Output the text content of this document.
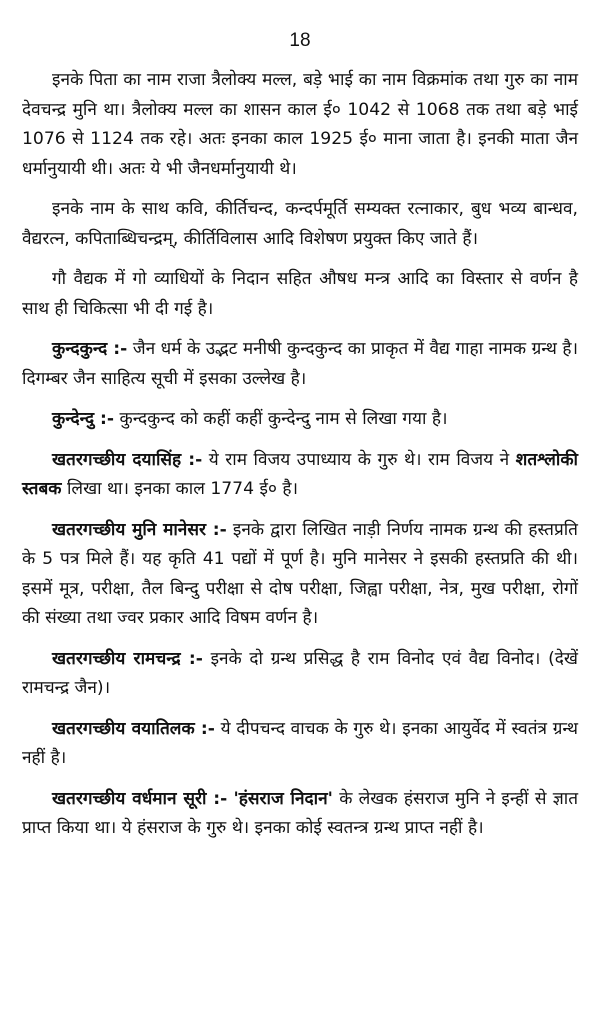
18

इनके पिता का नाम राजा त्रैलोक्य मल्ल, बड़े भाई का नाम विक्रमांक तथा गुरु का नाम देवचन्द्र मुनि था। त्रैलोक्य मल्ल का शासन काल ई० 1042 से 1068 तक तथा बड़े भाई 1076 से 1124 तक रहे। अतः इनका काल 1925 ई० माना जाता है। इनकी माता जैन धर्मानुयायी थी। अतः ये भी जैनधर्मानुयायी थे।

इनके नाम के साथ कवि, कीर्तिचन्द, कन्दर्पमूर्ति सम्यक्त रत्नाकार, बुध भव्य बान्धव, वैद्यरत्न, कपिताब्धिचन्द्रम्, कीर्तिविलास आदि विशेषण प्रयुक्त किए जाते हैं।

गौ वैद्यक में गो व्याधियों के निदान सहित औषध मन्त्र आदि का विस्तार से वर्णन है साथ ही चिकित्सा भी दी गई है।

कुन्दकुन्द :- जैन धर्म के उद्भट मनीषी कुन्दकुन्द का प्राकृत में वैद्य गाहा नामक ग्रन्थ है। दिगम्बर जैन साहित्य सूची में इसका उल्लेख है।

कुन्देन्दु :- कुन्दकुन्द को कहीं कहीं कुन्देन्दु नाम से लिखा गया है।

खतरगच्छीय दयासिंह :- ये राम विजय उपाध्याय के गुरु थे। राम विजय ने शतश्लोकी स्तबक लिखा था। इनका काल 1774 ई० है।

खतरगच्छीय मुनि मानेसर :- इनके द्वारा लिखित नाड़ी निर्णय नामक ग्रन्थ की हस्तप्रति के 5 पत्र मिले हैं। यह कृति 41 पद्यों में पूर्ण है। मुनि मानेसर ने इसकी हस्तप्रति की थी। इसमें मूत्र, परीक्षा, तैल बिन्दु परीक्षा से दोष परीक्षा, जिह्वा परीक्षा, नेत्र, मुख परीक्षा, रोगों की संख्या तथा ज्वर प्रकार आदि विषम वर्णन है।

खतरगच्छीय रामचन्द्र :- इनके दो ग्रन्थ प्रसिद्ध है राम विनोद एवं वैद्य विनोद। (देखें रामचन्द्र जैन)।

खतरगच्छीय वयातिलक :- ये दीपचन्द वाचक के गुरु थे। इनका आयुर्वेद में स्वतंत्र ग्रन्थ नहीं है।

खतरगच्छीय वर्धमान सूरी :- 'हंसराज निदान' के लेखक हंसराज मुनि ने इन्हीं से ज्ञात प्राप्त किया था। ये हंसराज के गुरु थे। इनका कोई स्वतन्त्र ग्रन्थ प्राप्त नहीं है।
